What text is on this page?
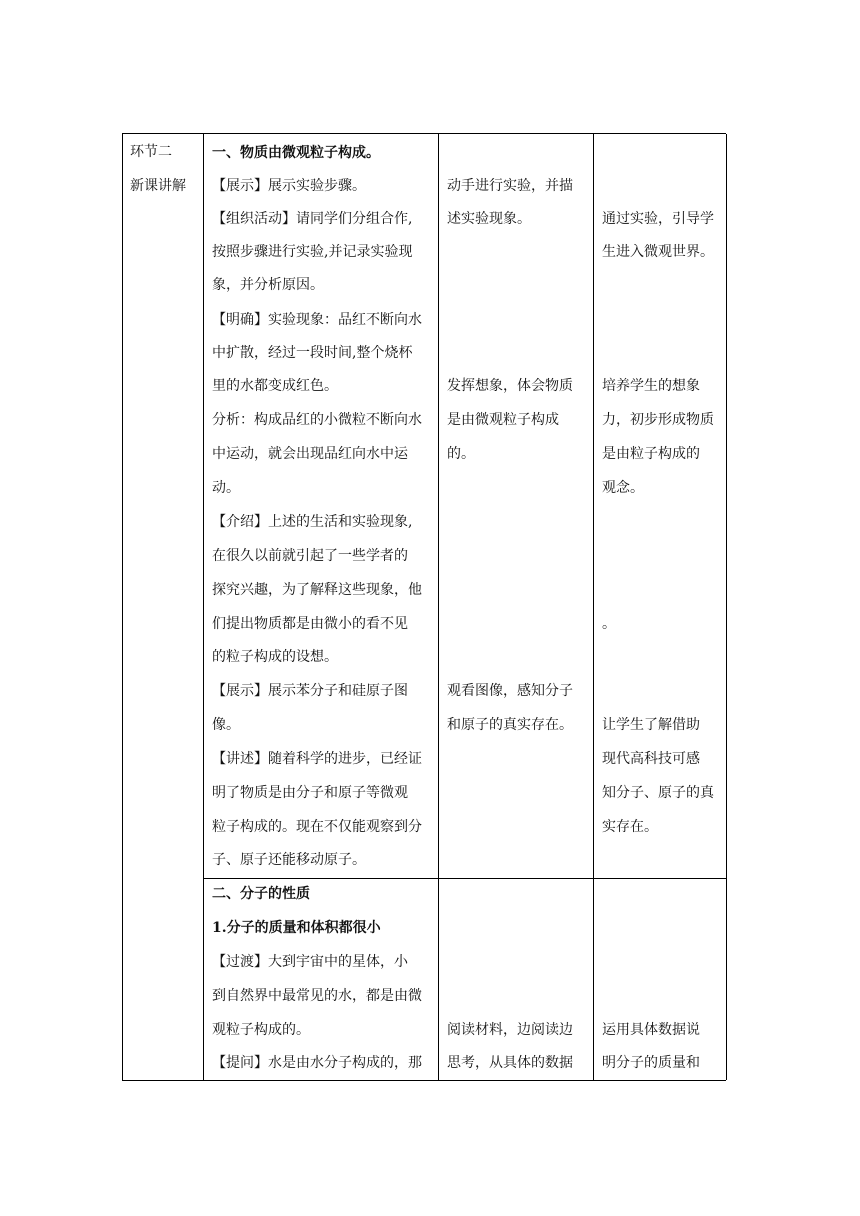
环节二
新课讲解
一、物质由微观粒子构成。
【展示】展示实验步骤。
【组织活动】请同学们分组合作,
按照步骤进行实验,并记录实验现
象，并分析原因。
【明确】实验现象：品红不断向水
中扩散，经过一段时间,整个烧杯
里的水都变成红色。
分析：构成品红的小微粒不断向水
中运动，就会出现品红向水中运
动。
【介绍】上述的生活和实验现象,
在很久以前就引起了一些学者的
探究兴趣，为了解释这些现象，他
们提出物质都是由微小的看不见
的粒子构成的设想。
【展示】展示苯分子和硅原子图
像。
【讲述】随着科学的进步，已经证
明了物质是由分子和原子等微观
粒子构成的。现在不仅能观察到分
子、原子还能移动原子。
动手进行实验，并描
述实验现象。
发挥想象，体会物质
是由微观粒子构成
的。
观看图像，感知分子
和原子的真实存在。
通过实验，引导学
生进入微观世界。
培养学生的想象
力，初步形成物质
是由粒子构成的
观念。
。
让学生了解借助
现代高科技可感
知分子、原子的真
实存在。
二、分子的性质
1.分子的质量和体积都很小
【过渡】大到宇宙中的星体，小
到自然界中最常见的水，都是由微
观粒子构成的。
【提问】水是由水分子构成的，那
阅读材料，边阅读边
思考，从具体的数据
运用具体数据说
明分子的质量和
